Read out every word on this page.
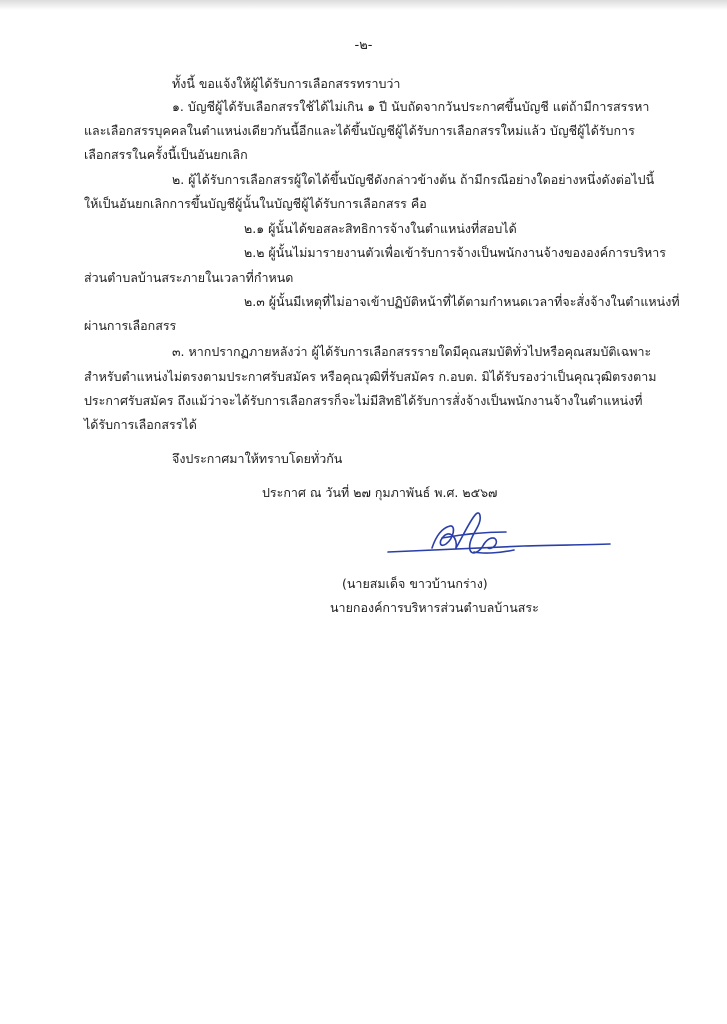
-๒-
ทั้งนี้ ขอแจ้งให้ผู้ได้รับการเลือกสรรทราบว่า
๑. บัญชีผู้ได้รับเลือกสรรใช้ได้ไม่เกิน ๑ ปี นับถัดจากวันประกาศขึ้นบัญชี แต่ถ้ามีการสรรหา
และเลือกสรรบุคคลในตำแหน่งเดียวกันนี้อีกและได้ขึ้นบัญชีผู้ได้รับการเลือกสรรใหม่แล้ว บัญชีผู้ได้รับการ
เลือกสรรในครั้งนี้เป็นอันยกเลิก
๒. ผู้ได้รับการเลือกสรรผู้ใดได้ขึ้นบัญชีดังกล่าวข้างต้น ถ้ามีกรณีอย่างใดอย่างหนึ่งดังต่อไปนี้
ให้เป็นอันยกเลิกการขึ้นบัญชีผู้นั้นในบัญชีผู้ได้รับการเลือกสรร คือ
๒.๑ ผู้นั้นได้ขอสละสิทธิการจ้างในตำแหน่งที่สอบได้
๒.๒ ผู้นั้นไม่มารายงานตัวเพื่อเข้ารับการจ้างเป็นพนักงานจ้างขององค์การบริหาร
ส่วนตำบลบ้านสระภายในเวลาที่กำหนด
๒.๓ ผู้นั้นมีเหตุที่ไม่อาจเข้าปฏิบัติหน้าที่ได้ตามกำหนดเวลาที่จะสั่งจ้างในตำแหน่งที่
ผ่านการเลือกสรร
๓. หากปรากฏภายหลังว่า ผู้ได้รับการเลือกสรรรายใดมีคุณสมบัติทั่วไปหรือคุณสมบัติเฉพาะ
สำหรับตำแหน่งไม่ตรงตามประกาศรับสมัคร หรือคุณวุฒิที่รับสมัคร ก.อบต. มิได้รับรองว่าเป็นคุณวุฒิตรงตาม
ประกาศรับสมัคร ถึงแม้ว่าจะได้รับการเลือกสรรก็จะไม่มีสิทธิได้รับการสั่งจ้างเป็นพนักงานจ้างในตำแหน่งที่
ได้รับการเลือกสรรได้
จึงประกาศมาให้ทราบโดยทั่วกัน
ประกาศ ณ วันที่ ๒๗ กุมภาพันธ์ พ.ศ. ๒๕๖๗
(นายสมเด็จ ขาวบ้านกร่าง)
นายกองค์การบริหารส่วนตำบลบ้านสระ
